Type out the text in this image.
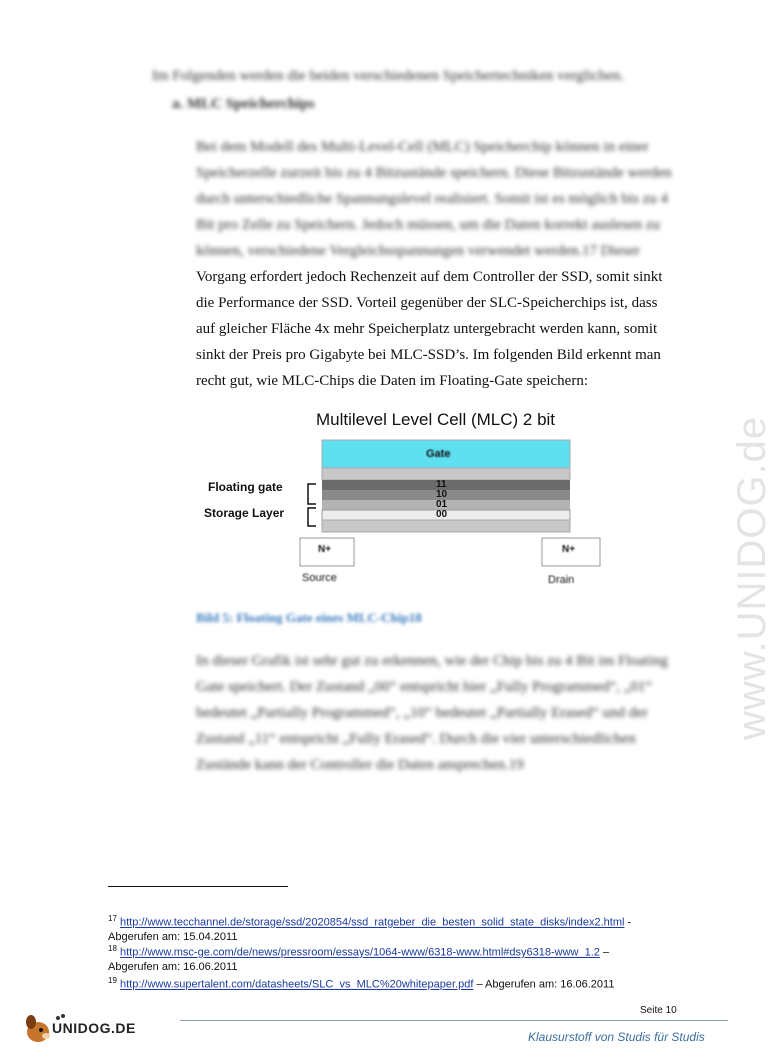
www.UNIDOG.de
Im Folgenden werden die beiden verschiedenen Speichertechniken verglichen.
a. MLC Speicherchips
Bei dem Modell des Multi-Level-Cell (MLC) Speicherchip können in einer
Speicherzelle zurzeit bis zu 4 Bitzustände speichern. Diese Bitzustände werden
durch unterschiedliche Spannungslevel realisiert. Somit ist es möglich bis zu 4
Bit pro Zelle zu Speichern. Jedoch müssen, um die Daten korrekt auslesen zu
können, verschiedene Vergleichsspannungen verwendet werden.17 Dieser
Vorgang erfordert jedoch Rechenzeit auf dem Controller der SSD, somit sinkt
die Performance der SSD. Vorteil gegenüber der SLC-Speicherchips ist, dass
auf gleicher Fläche 4x mehr Speicherplatz untergebracht werden kann, somit
sinkt der Preis pro Gigabyte bei MLC-SSD’s. Im folgenden Bild erkennt man
recht gut, wie MLC-Chips die Daten im Floating-Gate speichern:
Multilevel Level Cell (MLC) 2 bit
Gate
Floating gate
Storage Layer
11
10
01
00
N+	N+
Source	Drain
Bild 5: Floating Gate eines MLC-Chip18
In dieser Grafik ist sehr gut zu erkennen, wie der Chip bis zu 4 Bit im Floating
Gate speichert. Der Zustand „00“ entspricht hier „Fully Programmed“, „01“
bedeutet „Partially Programmed“, „10“ bedeutet „Partially Erased“ und der
Zustand „11“ entspricht „Fully Erased“. Durch die vier unterschiedlichen
Zustände kann der Controller die Daten ansprechen.19
$^{17}$ http://www.tecchannel.de/storage/ssd/2020854/ssd_ratgeber_die_besten_solid_state_disks/index2.html -
Abgerufen am: 15.04.2011
$^{18}$ http://www.msc-ge.com/de/news/pressroom/essays/1064-www/6318-www.html#dsy6318-www_1.2 –
Abgerufen am: 16.06.2011
$^{19}$ http://www.supertalent.com/datasheets/SLC_vs_MLC%20whitepaper.pdf – Abgerufen am: 16.06.2011
Seite 10
UNIDOG.DE
Klausurstoff von Studis für Studis
